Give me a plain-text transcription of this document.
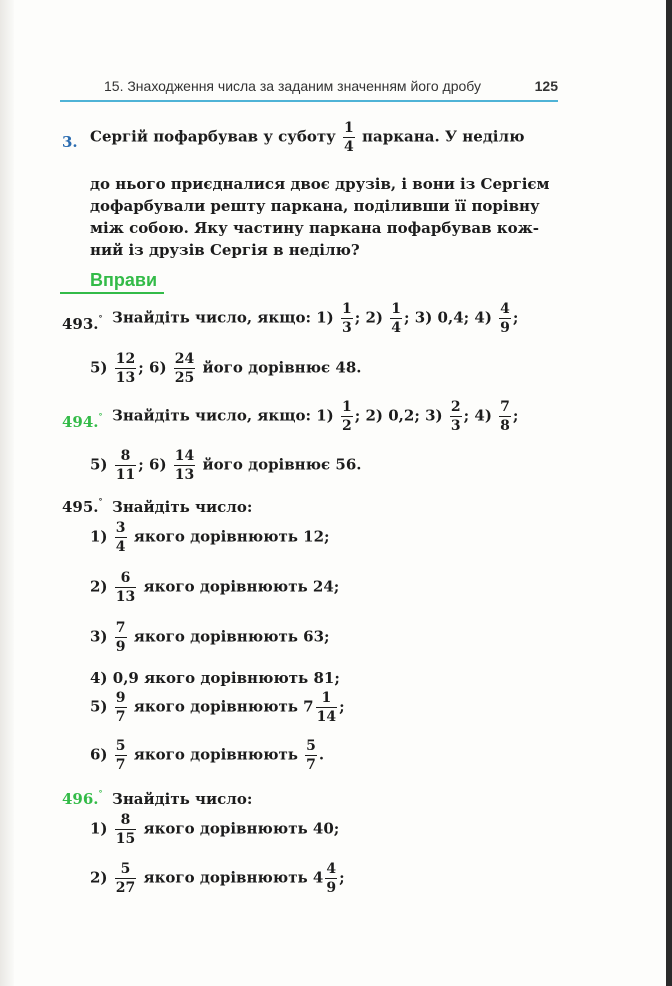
15. Знаходження числа за заданим значенням його дробу	125
3. Сергій пофарбував у суботу $\frac{1}{4}$ паркана. У неділю
до нього приєдналися двоє друзів, і вони із Сергієм
дофарбували решту паркана, поділивши її порівну
між собою. Яку частину паркана пофарбував кож-
ний із друзів Сергія в неділю?
Вправи
493.° Знайдіть число, якщо: $1) \frac{1}{3}$ ; $2) \frac{1}{4}$ ; 3) 0,4; $4) \frac{4}{9}$ ;
$5) \frac{12}{13}$ ; $6) \frac{24}{25}$ його дорівнює 48.
494.° Знайдіть число, якщо: $1) \frac{1}{2}$ ; 2) 0,2; $3) \frac{2}{3}$ ; $4) \frac{7}{8}$ ;
$5) \frac{8}{11}$ ; $6) \frac{14}{13}$ його дорівнює 56.
495.° Знайдіть число:
$1) \frac{3}{4}$ якого дорівнюють 12;
$2) \frac{6}{13}$ якого дорівнюють 24;
$3) \frac{7}{9}$ якого дорівнюють 63;
4) 0,9 якого дорівнюють 81;
$5) \frac{9}{7}$ якого дорівнюють $7 \frac{1}{14}$ ;
$6) \frac{5}{7}$ якого дорівнюють $\frac{5}{7}$ .
496.° Знайдіть число:
$1) \frac{8}{15}$ якого дорівнюють 40;
$2) \frac{5}{27}$ якого дорівнюють $4 \frac{4}{9}$ ;
